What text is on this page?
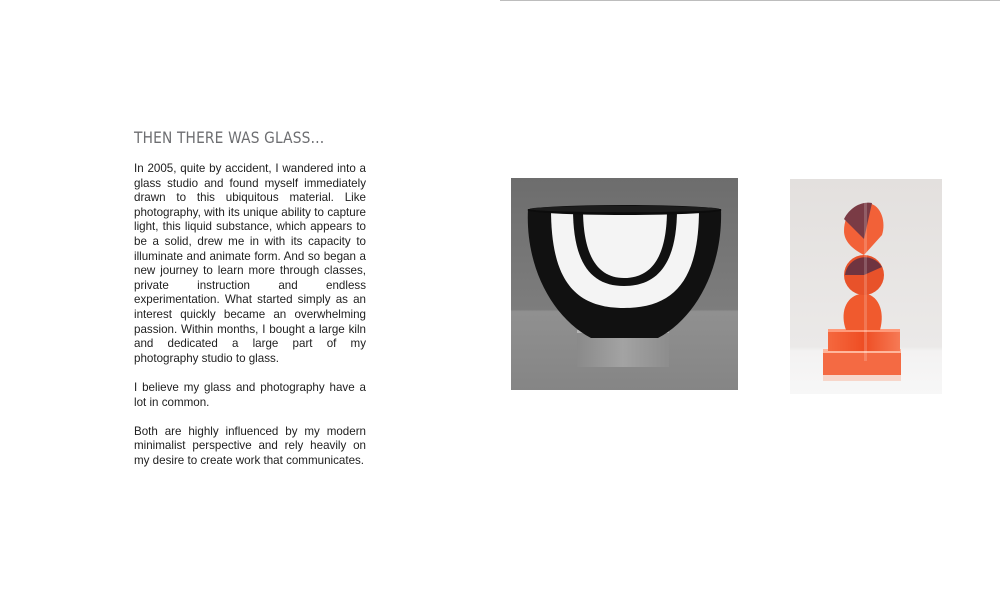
THEN THERE WAS GLASS…

In 2005, quite by accident, I wandered into a glass studio and found myself immediately drawn to this ubiquitous material. Like photography, with its unique ability to capture light, this liquid substance, which appears to be a solid, drew me in with its capacity to illuminate and animate form. And so began a new journey to learn more through classes, private instruction and endless experimentation. What started simply as an interest quickly became an overwhelming passion. Within months, I bought a large kiln and dedicated a large part of my photography studio to glass.

I believe my glass and photography have a lot in common.

Both are highly influenced by my modern minimalist perspective and rely heavily on my desire to create work that communicates.
